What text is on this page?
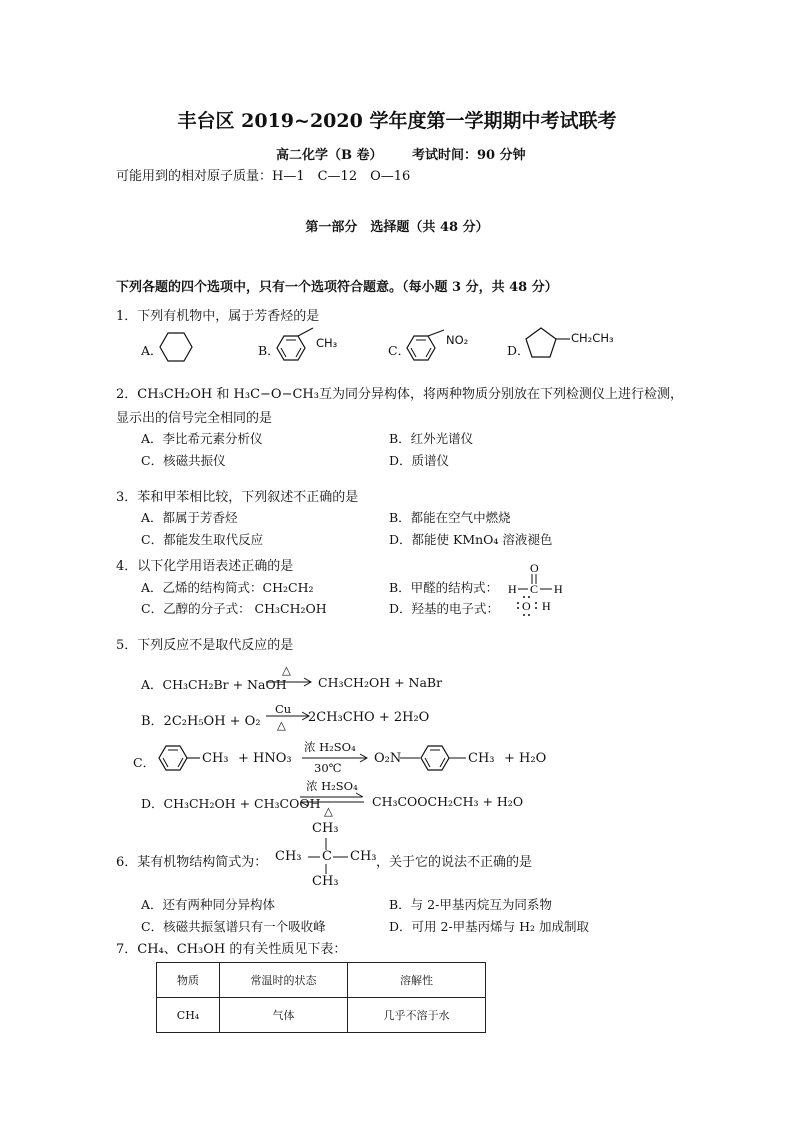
丰台区 2019~2020 学年度第一学期期中考试联考
高二化学（B 卷） 考试时间：90 分钟
可能用到的相对原子质量：H—1　C—12　O—16
第一部分　选择题（共 48 分）
下列各题的四个选项中，只有一个选项符合题意。（每小题 3 分，共 48 分）
1．下列有机物中，属于芳香烃的是
A．	B．	CH₃	C．
NO₂
D．
CH₂CH₃
2．CH₃CH₂OH 和 H₃C−O−CH₃互为同分异构体，将两种物质分别放在下列检测仪上进行检测，
显示出的信号完全相同的是
A．李比希元素分析仪	B．红外光谱仪
C．核磁共振仪	D．质谱仪
3．苯和甲苯相比较，下列叙述不正确的是
A．都属于芳香烃	B．都能在空气中燃烧
C．都能发生取代反应	D．都能使 KMnO₄ 溶液褪色
4．以下化学用语表述正确的是
A．乙烯的结构简式：CH₂CH₂	B．甲醛的结构式：
O
H C H
C．乙醇的分子式： CH₃CH₂OH	D．羟基的电子式： O H
5．下列反应不是取代反应的是
A．CH₃CH₂Br + NaOH
△
CH₃CH₂OH + NaBr
B．2C₂H₅OH + O₂
Cu
△ 2CH₃CHO + 2H₂O
C．	CH₃ + HNO₃
浓 H₂SO₄
30℃
O₂N	CH₃ + H₂O
D．CH₃CH₂OH + CH₃COOH
浓 H₂SO₄
△
CH₃COOCH₂CH₃ + H₂O
6．某有机物结构简式为：
CH₃
CH₃ C CH₃
CH₃
，关于它的说法不正确的是
A．还有两种同分异构体	B．与 2-甲基丙烷互为同系物
C．核磁共振氢谱只有一个吸收峰	D．可用 2-甲基丙烯与 H₂ 加成制取
7．CH₄、CH₃OH 的有关性质见下表：
物质	常温时的状态	溶解性
CH₄	气体	几乎不溶于水
